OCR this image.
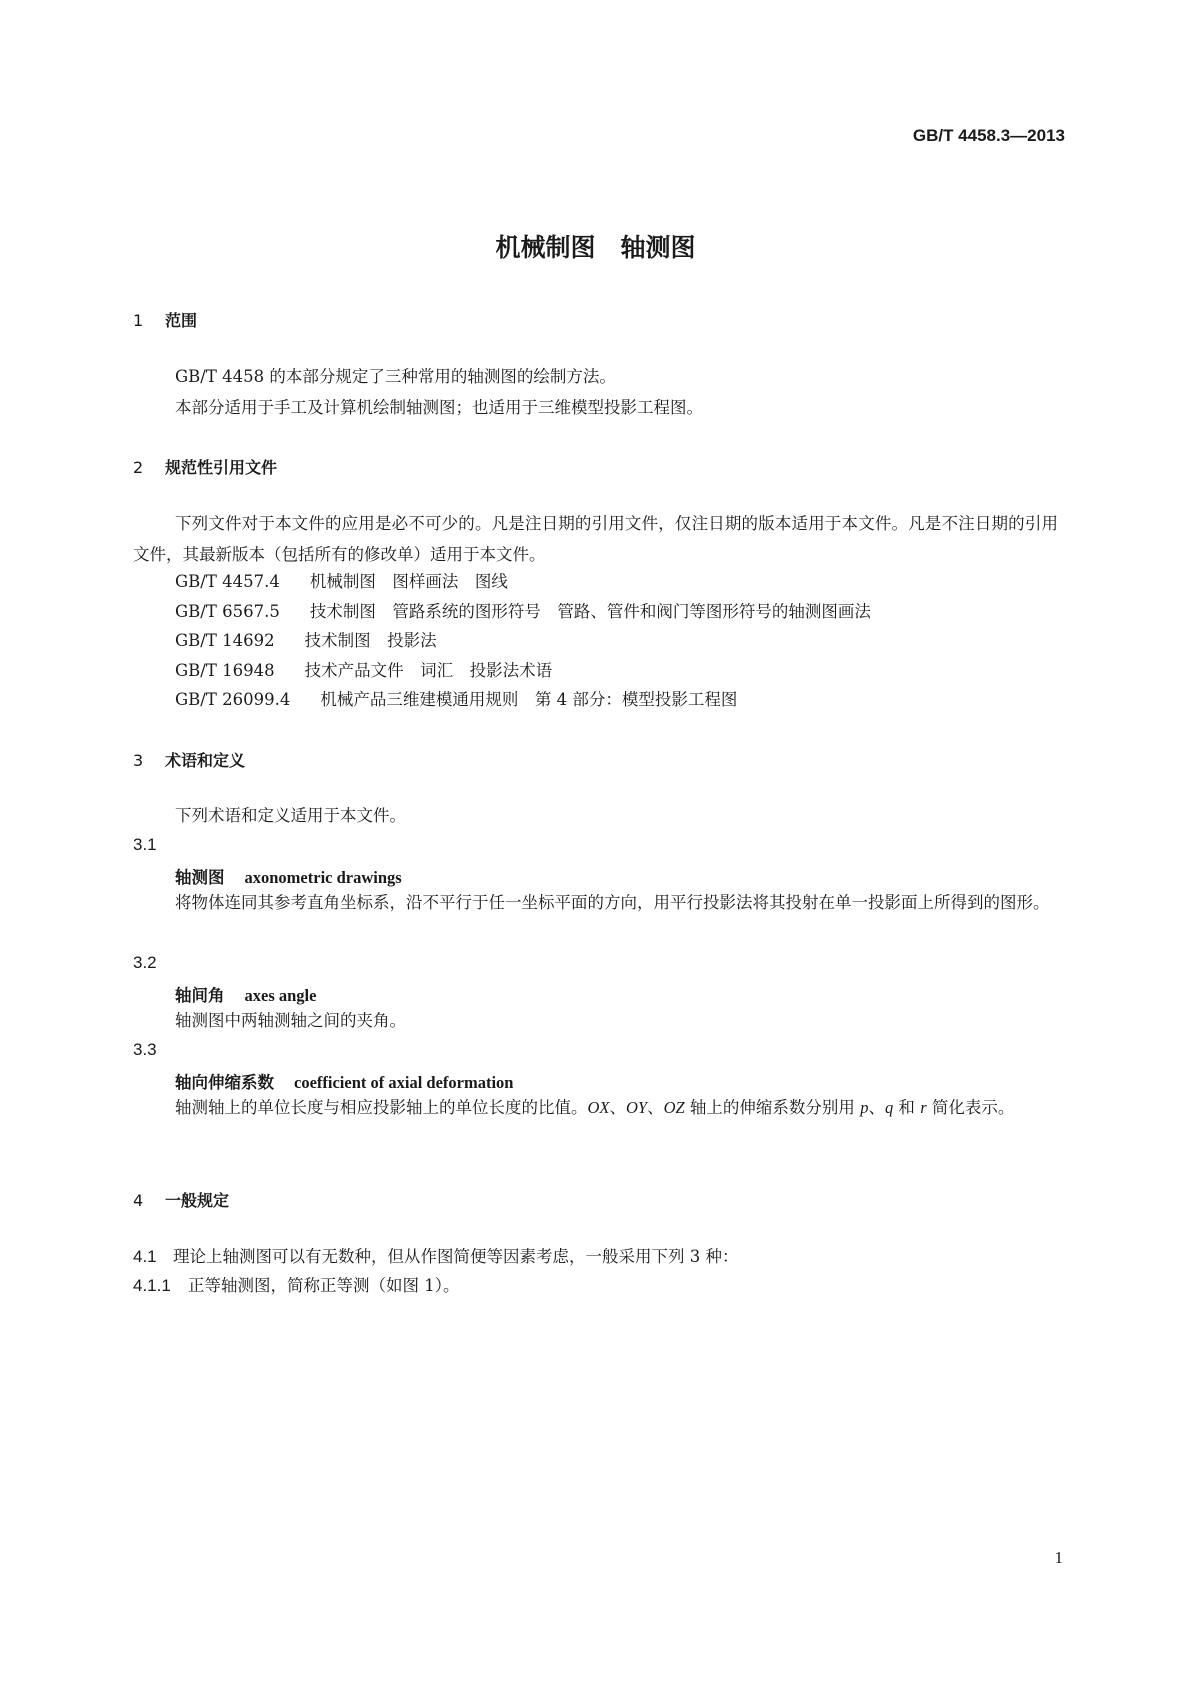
GB/T 4458.3—2013
机械制图　轴测图
1 范围
GB/T 4458 的本部分规定了三种常用的轴测图的绘制方法。
本部分适用于手工及计算机绘制轴测图；也适用于三维模型投影工程图。
2 规范性引用文件
下列文件对于本文件的应用是必不可少的。凡是注日期的引用文件，仅注日期的版本适用于本文件。凡是不注日期的引用文件，其最新版本（包括所有的修改单）适用于本文件。
GB/T 4457.4 机械制图　图样画法　图线
GB/T 6567.5 技术制图　管路系统的图形符号　管路、管件和阀门等图形符号的轴测图画法
GB/T 14692 技术制图　投影法
GB/T 16948 技术产品文件　词汇　投影法术语
GB/T 26099.4 机械产品三维建模通用规则　第 4 部分：模型投影工程图
3 术语和定义
下列术语和定义适用于本文件。
3.1
轴测图 axonometric drawings
将物体连同其参考直角坐标系，沿不平行于任一坐标平面的方向，用平行投影法将其投射在单一投影面上所得到的图形。
3.2
轴间角 axes angle
轴测图中两轴测轴之间的夹角。
3.3
轴向伸缩系数 coefficient of axial deformation
轴测轴上的单位长度与相应投影轴上的单位长度的比值。OX、OY、OZ 轴上的伸缩系数分别用 p、q 和 r 简化表示。
4 一般规定
4.1 理论上轴测图可以有无数种，但从作图简便等因素考虑，一般采用下列 3 种：
4.1.1 正等轴测图，简称正等测（如图 1）。
1
